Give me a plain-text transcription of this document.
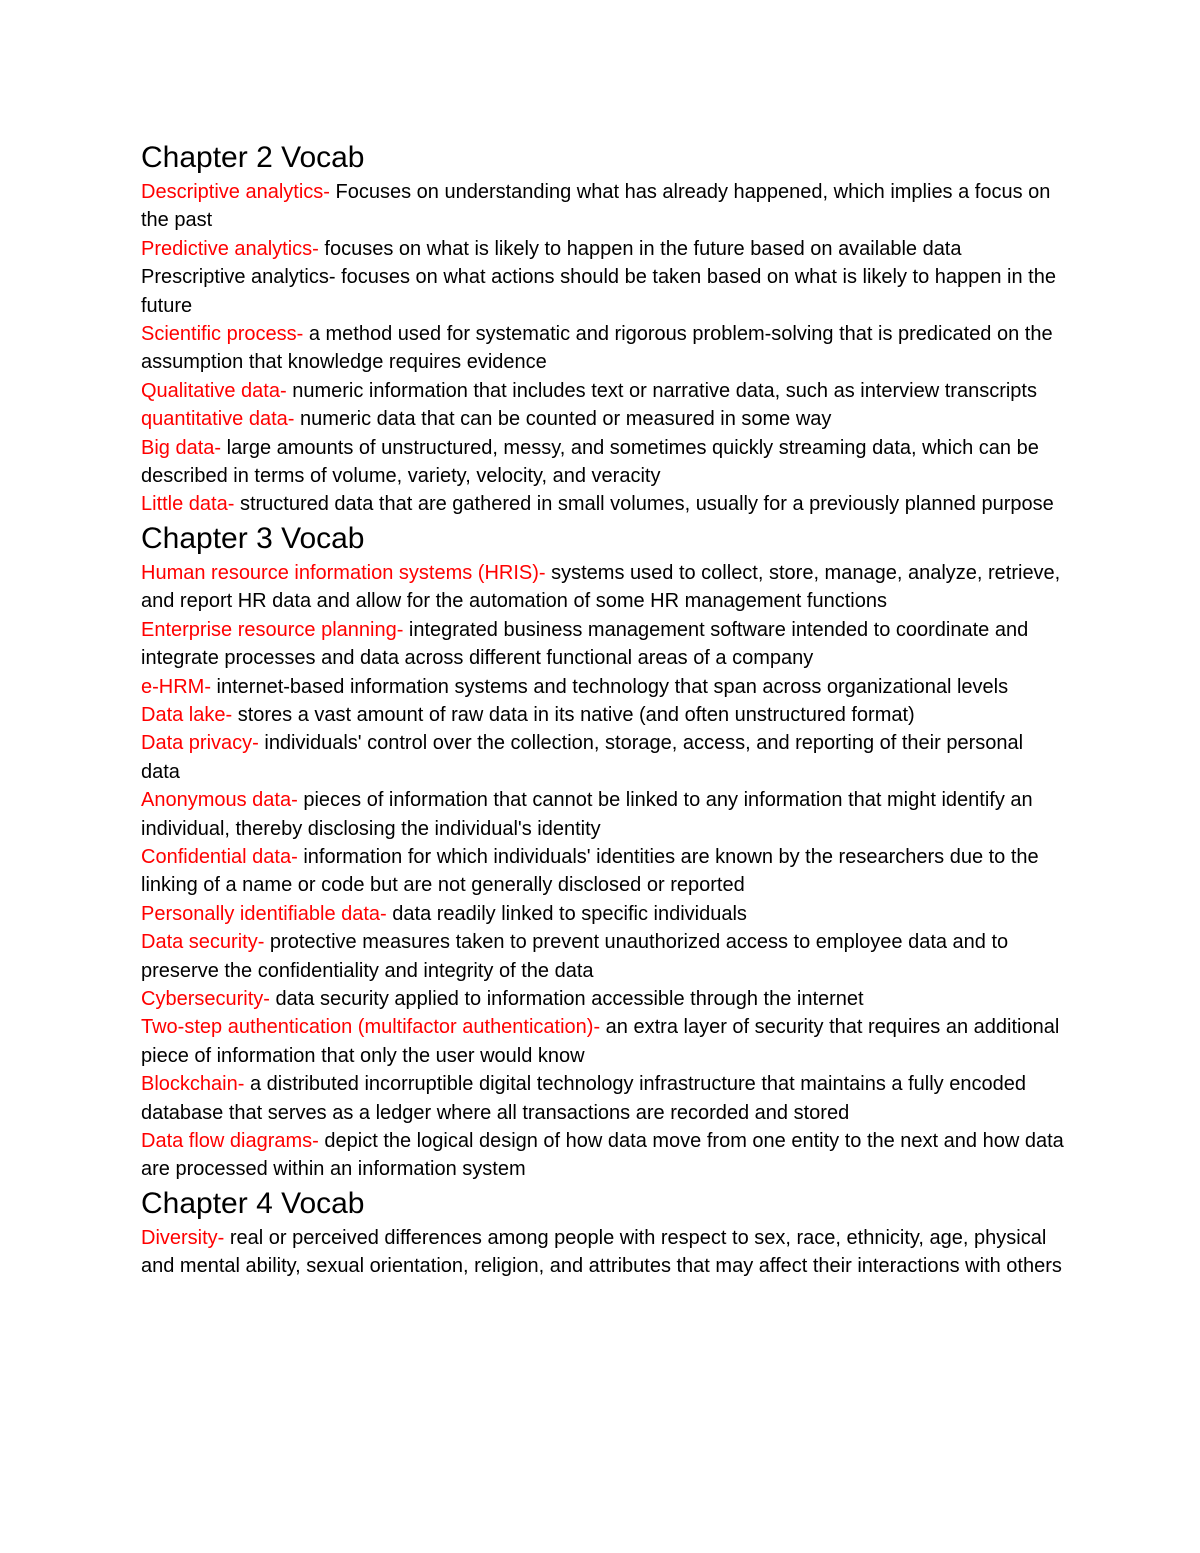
Chapter 2 Vocab

Descriptive analytics- Focuses on understanding what has already happened, which implies a focus on the past

Predictive analytics- focuses on what is likely to happen in the future based on available data

Prescriptive analytics- focuses on what actions should be taken based on what is likely to happen in the future

Scientific process- a method used for systematic and rigorous problem-solving that is predicated on the assumption that knowledge requires evidence

Qualitative data- numeric information that includes text or narrative data, such as interview transcripts

quantitative data- numeric data that can be counted or measured in some way

Big data- large amounts of unstructured, messy, and sometimes quickly streaming data, which can be described in terms of volume, variety, velocity, and veracity

Little data- structured data that are gathered in small volumes, usually for a previously planned purpose

Chapter 3 Vocab

Human resource information systems (HRIS)- systems used to collect, store, manage, analyze, retrieve, and report HR data and allow for the automation of some HR management functions

Enterprise resource planning- integrated business management software intended to coordinate and integrate processes and data across different functional areas of a company

e-HRM- internet-based information systems and technology that span across organizational levels

Data lake- stores a vast amount of raw data in its native (and often unstructured format)

Data privacy- individuals' control over the collection, storage, access, and reporting of their personal data

Anonymous data- pieces of information that cannot be linked to any information that might identify an individual, thereby disclosing the individual's identity

Confidential data- information for which individuals' identities are known by the researchers due to the linking of a name or code but are not generally disclosed or reported

Personally identifiable data- data readily linked to specific individuals

Data security- protective measures taken to prevent unauthorized access to employee data and to preserve the confidentiality and integrity of the data

Cybersecurity- data security applied to information accessible through the internet

Two-step authentication (multifactor authentication)- an extra layer of security that requires an additional piece of information that only the user would know

Blockchain- a distributed incorruptible digital technology infrastructure that maintains a fully encoded database that serves as a ledger where all transactions are recorded and stored

Data flow diagrams- depict the logical design of how data move from one entity to the next and how data are processed within an information system

Chapter 4 Vocab

Diversity- real or perceived differences among people with respect to sex, race, ethnicity, age, physical and mental ability, sexual orientation, religion, and attributes that may affect their interactions with others
